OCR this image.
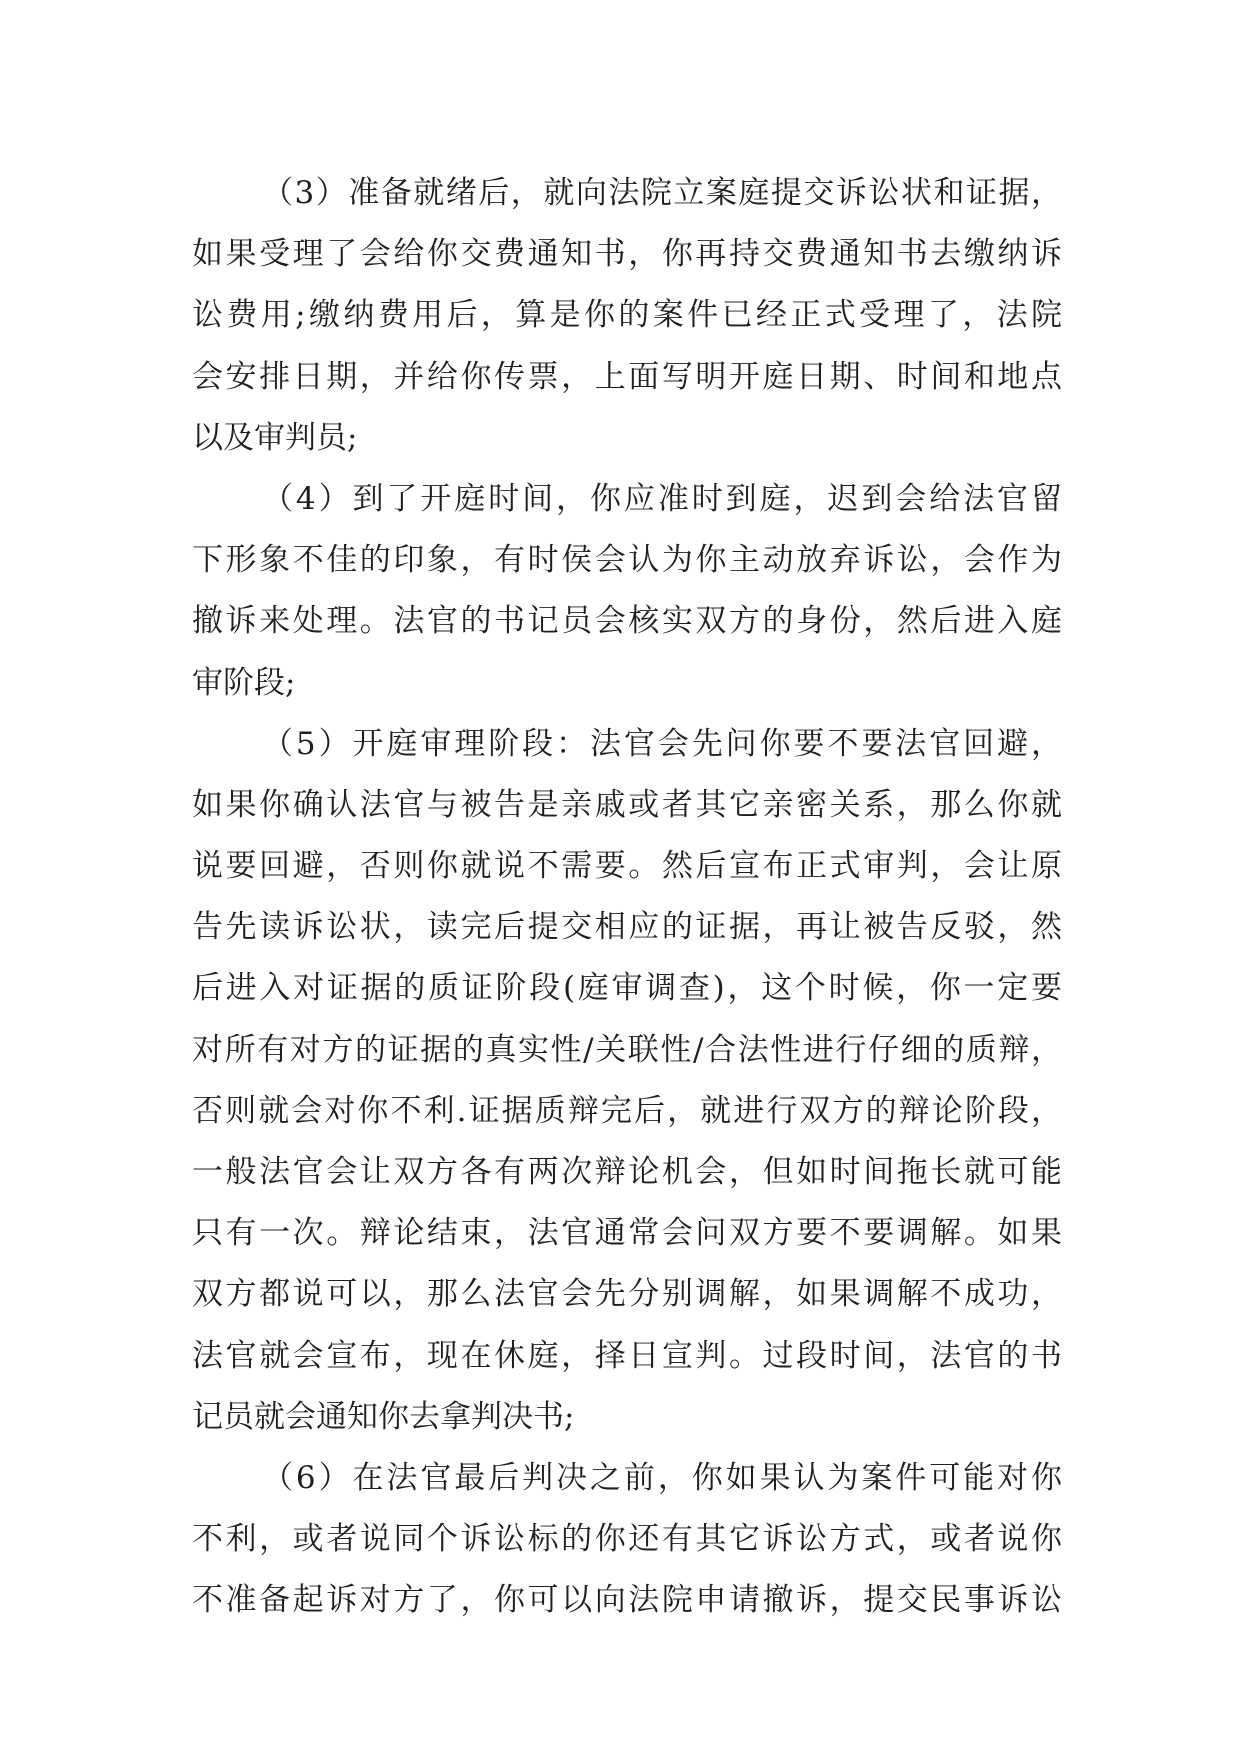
（3）准备就绪后，就向法院立案庭提交诉讼状和证据，
如果受理了会给你交费通知书，你再持交费通知书去缴纳诉
讼费用;缴纳费用后，算是你的案件已经正式受理了，法院
会安排日期，并给你传票，上面写明开庭日期、时间和地点
以及审判员;
（4）到了开庭时间，你应准时到庭，迟到会给法官留
下形象不佳的印象，有时侯会认为你主动放弃诉讼，会作为
撤诉来处理。法官的书记员会核实双方的身份，然后进入庭
审阶段;
（5）开庭审理阶段：法官会先问你要不要法官回避，
如果你确认法官与被告是亲戚或者其它亲密关系，那么你就
说要回避，否则你就说不需要。然后宣布正式审判，会让原
告先读诉讼状，读完后提交相应的证据，再让被告反驳，然
后进入对证据的质证阶段(庭审调查)，这个时候，你一定要
对所有对方的证据的真实性/关联性/合法性进行仔细的质辩，
否则就会对你不利.证据质辩完后，就进行双方的辩论阶段，
一般法官会让双方各有两次辩论机会，但如时间拖长就可能
只有一次。辩论结束，法官通常会问双方要不要调解。如果
双方都说可以，那么法官会先分别调解，如果调解不成功，
法官就会宣布，现在休庭，择日宣判。过段时间，法官的书
记员就会通知你去拿判决书;
（6）在法官最后判决之前，你如果认为案件可能对你
不利，或者说同个诉讼标的你还有其它诉讼方式，或者说你
不准备起诉对方了，你可以向法院申请撤诉，提交民事诉讼
